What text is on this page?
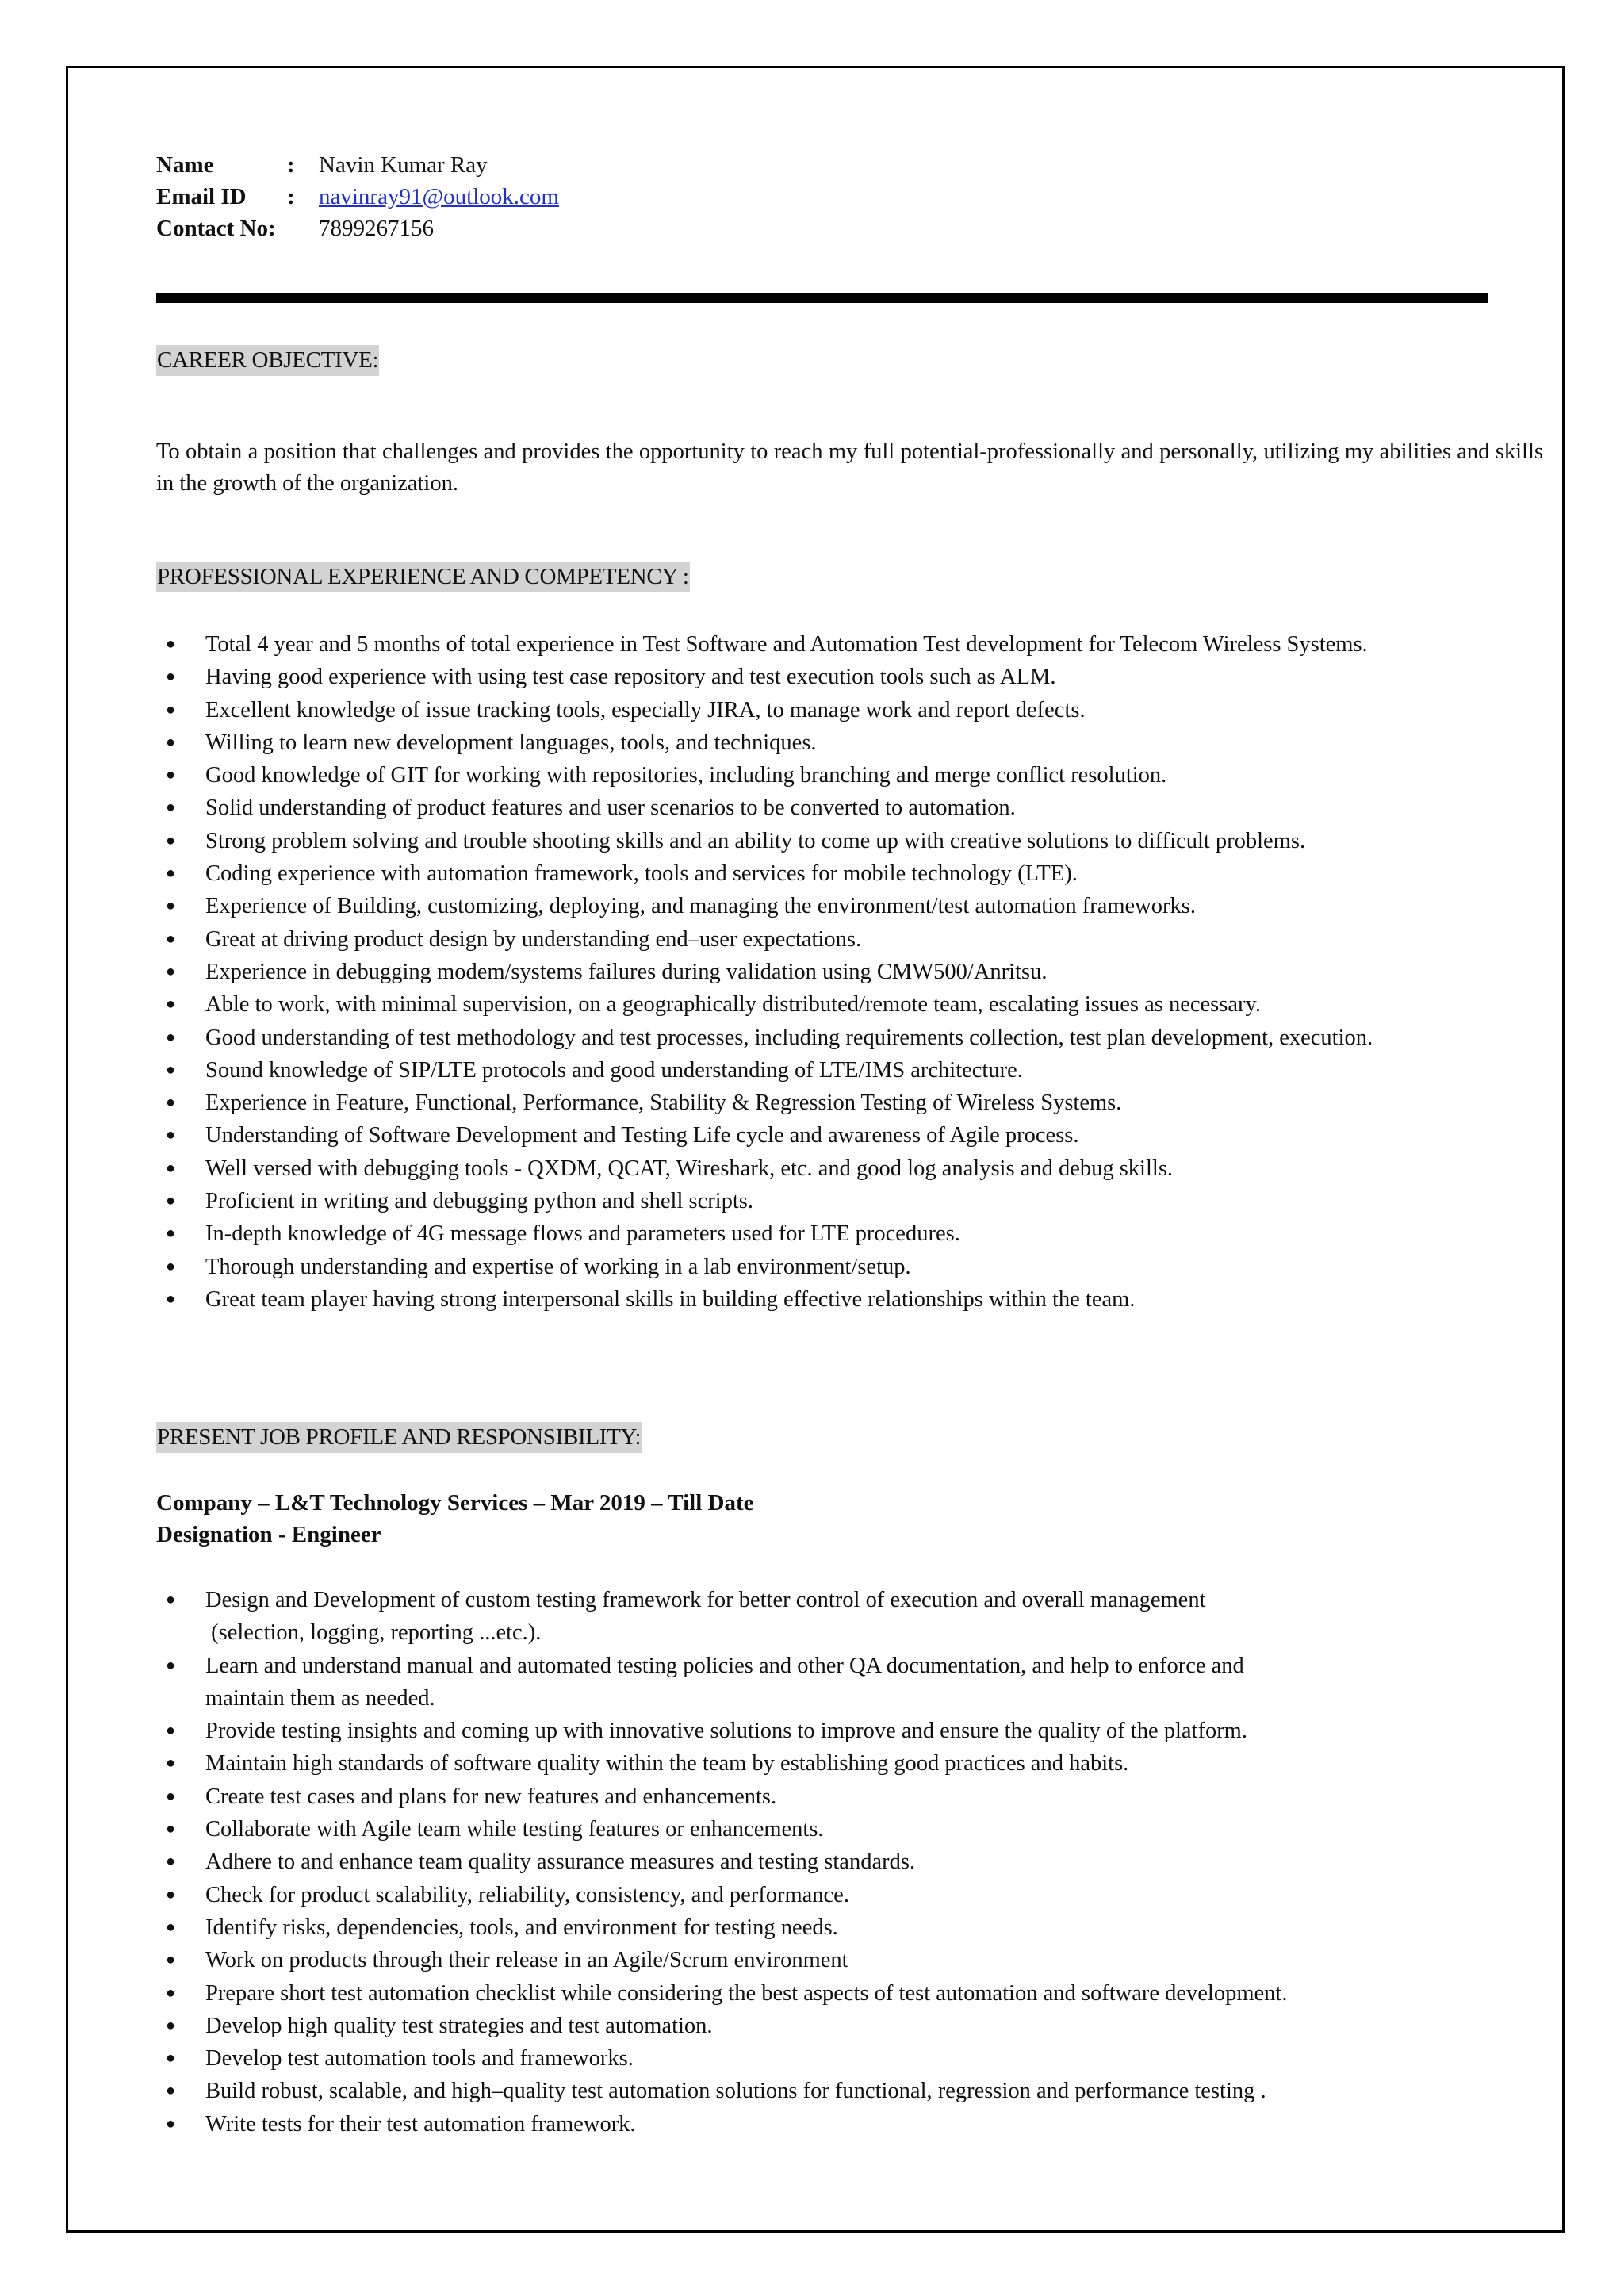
Name	:	Navin Kumar Ray
Email ID	:	navinray91@outlook.com
Contact No:	7899267156
CAREER OBJECTIVE:
To obtain a position that challenges and provides the opportunity to reach my full potential-professionally and personally, utilizing my abilities and skills in the growth of the organization.
PROFESSIONAL EXPERIENCE AND COMPETENCY :
● Total 4 year and 5 months of total experience in Test Software and Automation Test development for Telecom Wireless Systems.
● Having good experience with using test case repository and test execution tools such as ALM.
● Excellent knowledge of issue tracking tools, especially JIRA, to manage work and report defects.
● Willing to learn new development languages, tools, and techniques.
● Good knowledge of GIT for working with repositories, including branching and merge conflict resolution.
● Solid understanding of product features and user scenarios to be converted to automation.
● Strong problem solving and trouble shooting skills and an ability to come up with creative solutions to difficult problems.
● Coding experience with automation framework, tools and services for mobile technology (LTE).
● Experience of Building, customizing, deploying, and managing the environment/test automation frameworks.
● Great at driving product design by understanding end–user expectations.
● Experience in debugging modem/systems failures during validation using CMW500/Anritsu.
● Able to work, with minimal supervision, on a geographically distributed/remote team, escalating issues as necessary.
● Good understanding of test methodology and test processes, including requirements collection, test plan development, execution.
● Sound knowledge of SIP/LTE protocols and good understanding of LTE/IMS architecture.
● Experience in Feature, Functional, Performance, Stability & Regression Testing of Wireless Systems.
● Understanding of Software Development and Testing Life cycle and awareness of Agile process.
● Well versed with debugging tools - QXDM, QCAT, Wireshark, etc. and good log analysis and debug skills.
● Proficient in writing and debugging python and shell scripts.
● In-depth knowledge of 4G message flows and parameters used for LTE procedures.
● Thorough understanding and expertise of working in a lab environment/setup.
● Great team player having strong interpersonal skills in building effective relationships within the team.
PRESENT JOB PROFILE AND RESPONSIBILITY:
Company – L&T Technology Services – Mar 2019 – Till Date
Designation - Engineer
● Design and Development of custom testing framework for better control of execution and overall management
(selection, logging, reporting ...etc.).
● Learn and understand manual and automated testing policies and other QA documentation, and help to enforce and
maintain them as needed.
● Provide testing insights and coming up with innovative solutions to improve and ensure the quality of the platform.
● Maintain high standards of software quality within the team by establishing good practices and habits.
● Create test cases and plans for new features and enhancements.
● Collaborate with Agile team while testing features or enhancements.
● Adhere to and enhance team quality assurance measures and testing standards.
● Check for product scalability, reliability, consistency, and performance.
● Identify risks, dependencies, tools, and environment for testing needs.
● Work on products through their release in an Agile/Scrum environment
● Prepare short test automation checklist while considering the best aspects of test automation and software development.
● Develop high quality test strategies and test automation.
● Develop test automation tools and frameworks.
● Build robust, scalable, and high–quality test automation solutions for functional, regression and performance testing .
● Write tests for their test automation framework.
